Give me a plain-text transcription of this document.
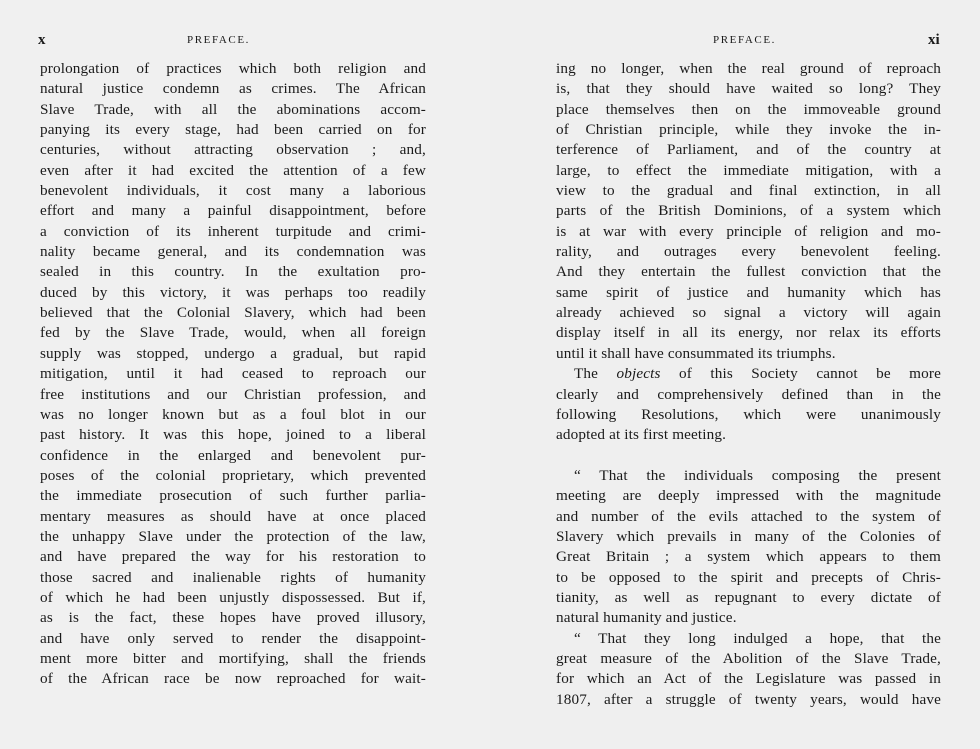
x	PREFACE.
prolongation of practices which both religion and
natural justice condemn as crimes. The African
Slave Trade, with all the abominations accom-
panying its every stage, had been carried on for
centuries, without attracting observation ; and,
even after it had excited the attention of a few
benevolent individuals, it cost many a laborious
effort and many a painful disappointment, before
a conviction of its inherent turpitude and crimi-
nality became general, and its condemnation was
sealed in this country. In the exultation pro-
duced by this victory, it was perhaps too readily
believed that the Colonial Slavery, which had been
fed by the Slave Trade, would, when all foreign
supply was stopped, undergo a gradual, but rapid
mitigation, until it had ceased to reproach our
free institutions and our Christian profession, and
was no longer known but as a foul blot in our
past history. It was this hope, joined to a liberal
confidence in the enlarged and benevolent pur-
poses of the colonial proprietary, which prevented
the immediate prosecution of such further parlia-
mentary measures as should have at once placed
the unhappy Slave under the protection of the law,
and have prepared the way for his restoration to
those sacred and inalienable rights of humanity
of which he had been unjustly dispossessed. But if,
as is the fact, these hopes have proved illusory,
and have only served to render the disappoint-
ment more bitter and mortifying, shall the friends
of the African race be now reproached for wait-
PREFACE.	xi
ing no longer, when the real ground of reproach
is, that they should have waited so long? They
place themselves then on the immoveable ground
of Christian principle, while they invoke the in-
terference of Parliament, and of the country at
large, to effect the immediate mitigation, with a
view to the gradual and final extinction, in all
parts of the British Dominions, of a system which
is at war with every principle of religion and mo-
rality, and outrages every benevolent feeling.
And they entertain the fullest conviction that the
same spirit of justice and humanity which has
already achieved so signal a victory will again
display itself in all its energy, nor relax its efforts
until it shall have consummated its triumphs.
The objects of this Society cannot be more
clearly and comprehensively defined than in the
following Resolutions, which were unanimously
adopted at its first meeting.
“ That the individuals composing the present
meeting are deeply impressed with the magnitude
and number of the evils attached to the system of
Slavery which prevails in many of the Colonies of
Great Britain ; a system which appears to them
to be opposed to the spirit and precepts of Chris-
tianity, as well as repugnant to every dictate of
natural humanity and justice.
“ That they long indulged a hope, that the
great measure of the Abolition of the Slave Trade,
for which an Act of the Legislature was passed in
1807, after a struggle of twenty years, would have
